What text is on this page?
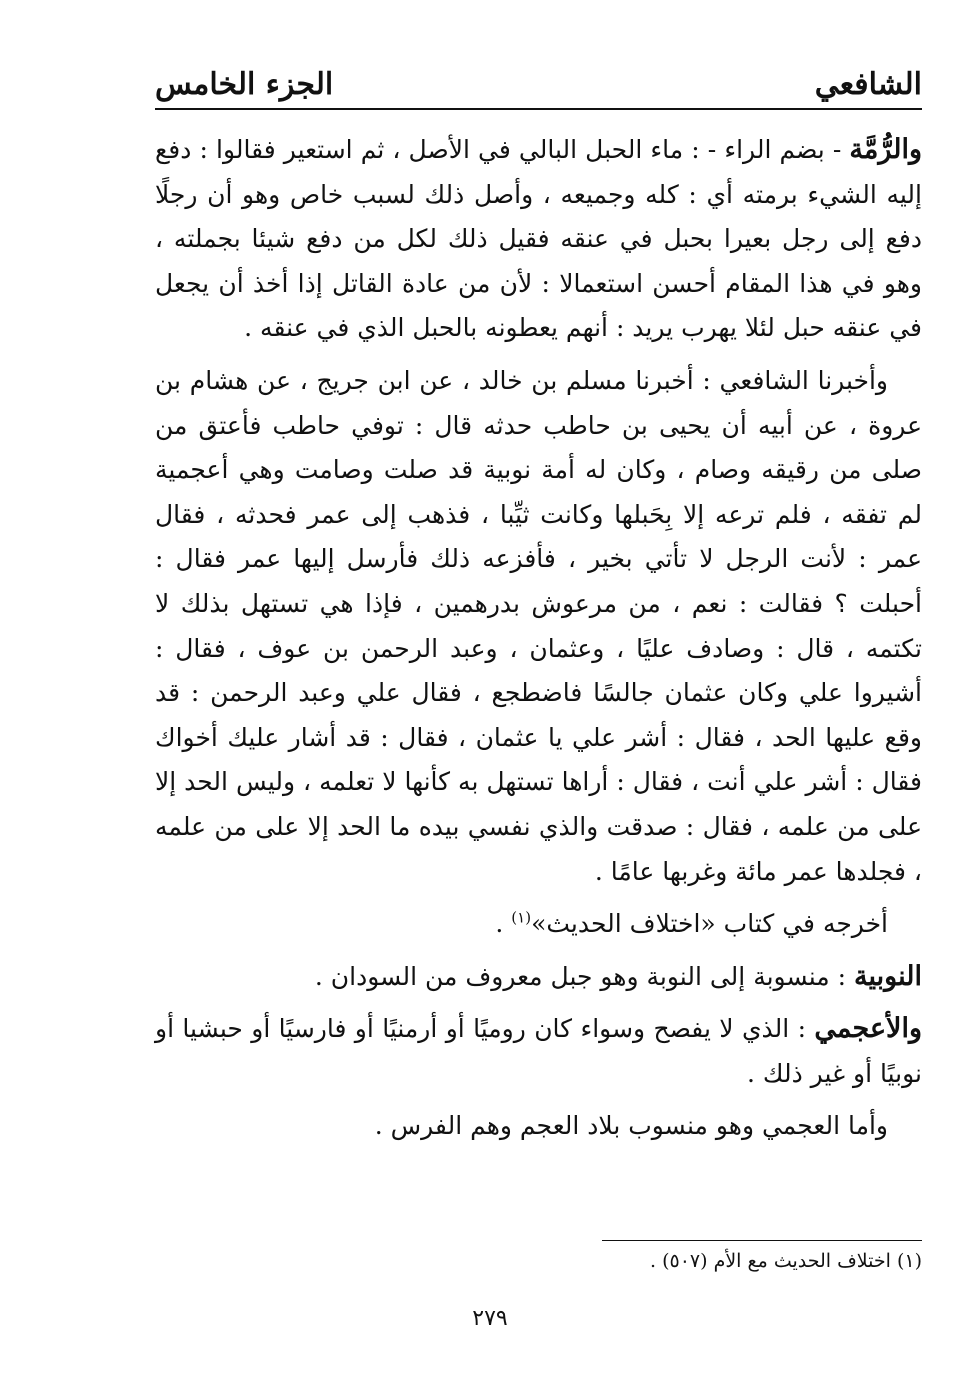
الشافعي
الجزء الخامس

والرُّمَّة - بضم الراء - : ماء الحبل البالي في الأصل ، ثم استعير فقالوا : دفع إليه الشيء برمته أي : كله وجميعه ، وأصل ذلك لسبب خاص وهو أن رجلًا دفع إلى رجل بعيرا بحبل في عنقه فقيل ذلك لكل من دفع شيئا بجملته ، وهو في هذا المقام أحسن استعمالا : لأن من عادة القاتل إذا أخذ أن يجعل في عنقه حبل لئلا يهرب يريد : أنهم يعطونه بالحبل الذي في عنقه .

وأخبرنا الشافعي : أخبرنا مسلم بن خالد ، عن ابن جريج ، عن هشام بن عروة ، عن أبيه أن يحيى بن حاطب حدثه قال : توفي حاطب فأعتق من صلى من رقيقه وصام ، وكان له أمة نوبية قد صلت وصامت وهي أعجمية لم تفقه ، فلم ترعه إلا بِحَبلها وكانت ثيِّبا ، فذهب إلى عمر فحدثه ، فقال عمر : لأنت الرجل لا تأتي بخير ، فأفزعه ذلك فأرسل إليها عمر فقال : أحبلت ؟ فقالت : نعم ، من مرعوش بدرهمين ، فإذا هي تستهل بذلك لا تكتمه ، قال : وصادف عليًا ، وعثمان ، وعبد الرحمن بن عوف ، فقال : أشيروا علي وكان عثمان جالسًا فاضطجع ، فقال علي وعبد الرحمن : قد وقع عليها الحد ، فقال : أشر علي يا عثمان ، فقال : قد أشار عليك أخواك فقال : أشر علي أنت ، فقال : أراها تستهل به كأنها لا تعلمه ، وليس الحد إلا على من علمه ، فقال : صدقت والذي نفسي بيده ما الحد إلا على من علمه ، فجلدها عمر مائة وغربها عامًا .

أخرجه في كتاب «اختلاف الحديث»$^{(١)}$ .

النوبية : منسوبة إلى النوبة وهو جبل معروف من السودان .

والأعجمي : الذي لا يفصح وسواء كان روميًا أو أرمنيًا أو فارسيًا أو حبشيا أو نوبيًا أو غير ذلك .

وأما العجمي وهو منسوب بلاد العجم وهم الفرس .

(١) اختلاف الحديث مع الأم (٥٠٧) .
٢٧٩
